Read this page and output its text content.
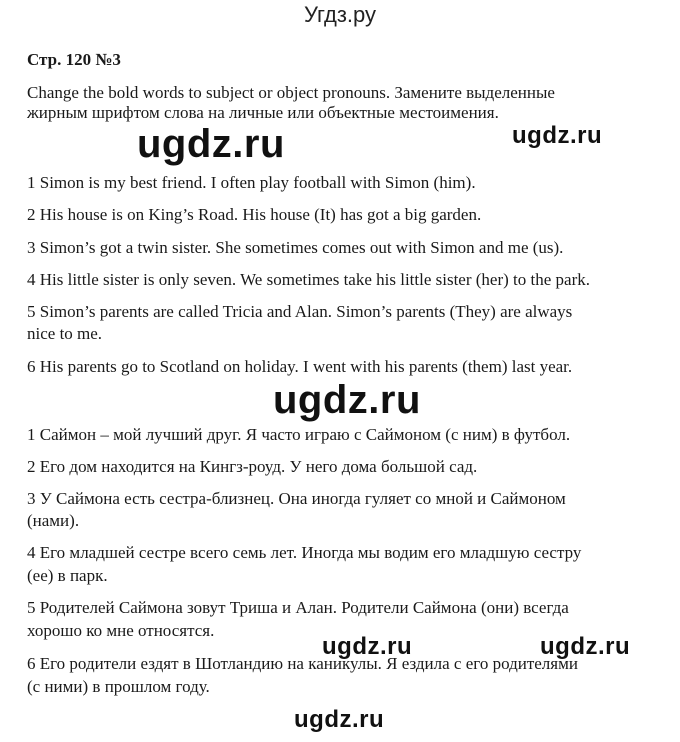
Угдз.ру
Стр. 120 №3
Change the bold words to subject or object pronouns. Замените выделенные
жирным шрифтом слова на личные или объектные местоимения.
ugdz.ru	ugdz.ru
1 Simon is my best friend. I often play football with Simon (him).
2 His house is on King’s Road. His house (It) has got a big garden.
3 Simon’s got a twin sister. She sometimes comes out with Simon and me (us).
4 His little sister is only seven. We sometimes take his little sister (her) to the park.
5 Simon’s parents are called Tricia and Alan. Simon’s parents (They) are always
nice to me.
6 His parents go to Scotland on holiday. I went with his parents (them) last year.
ugdz.ru
1 Саймон – мой лучший друг. Я часто играю с Саймоном (с ним) в футбол.
2 Его дом находится на Кингз-роуд. У него дома большой сад.
3 У Саймона есть сестра-близнец. Она иногда гуляет со мной и Саймоном
(нами).
4 Его младшей сестре всего семь лет. Иногда мы водим его младшую сестру
(ее) в парк.
5 Родителей Саймона зовут Триша и Алан. Родители Саймона (они) всегда
хорошо ко мне относятся.
ugdz.ru	ugdz.ru
6 Его родители ездят в Шотландию на каникулы. Я ездила с его родителями
(с ними) в прошлом году.
ugdz.ru
